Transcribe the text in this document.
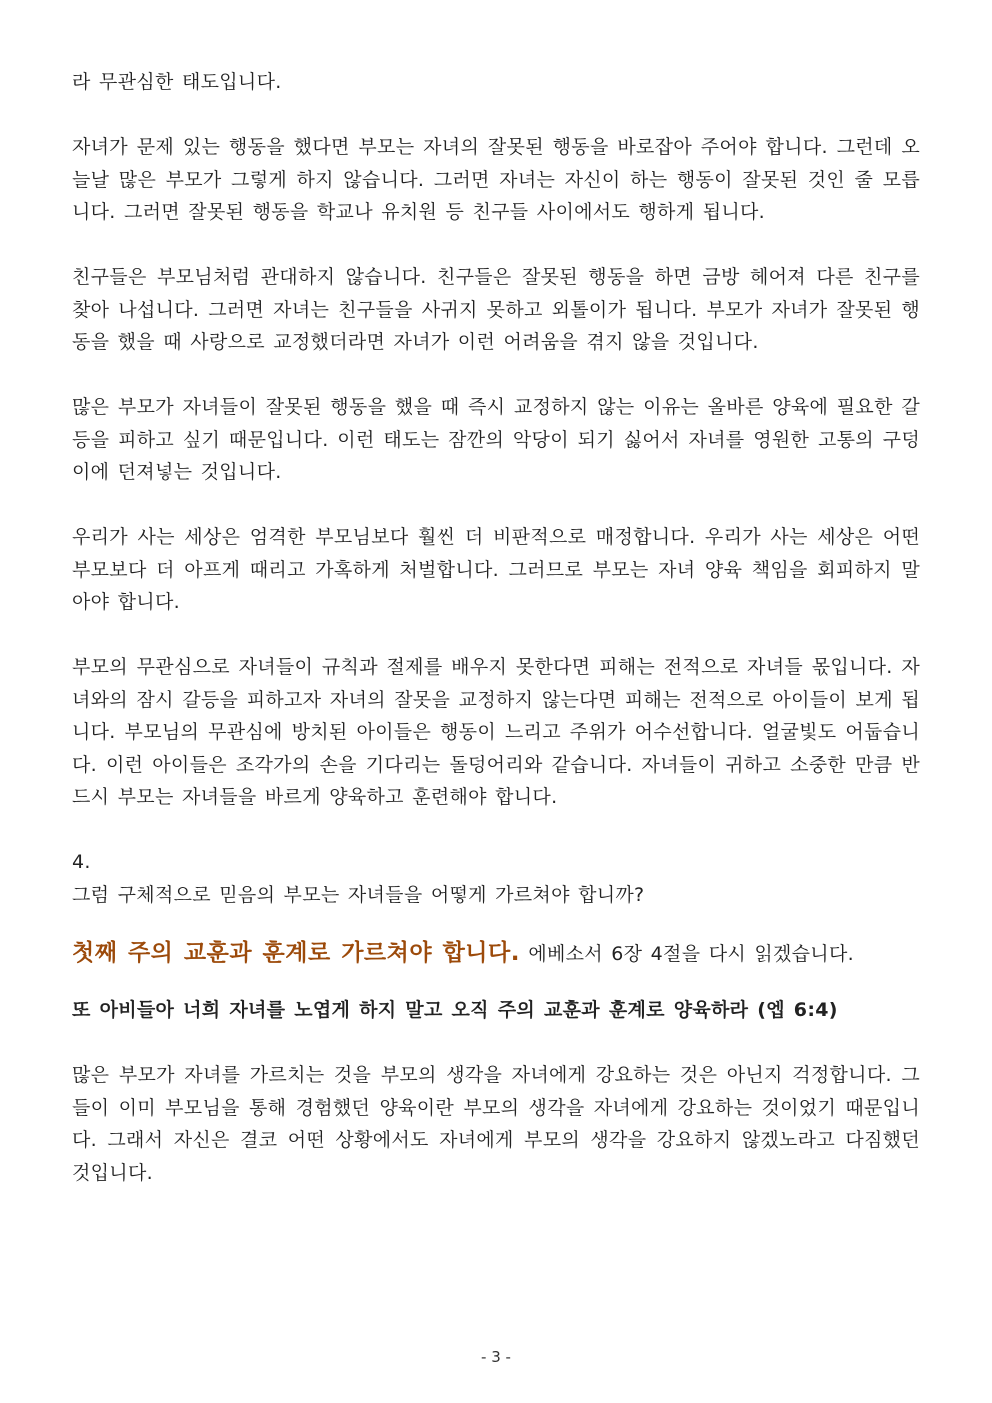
라 무관심한 태도입니다.

자녀가 문제 있는 행동을 했다면 부모는 자녀의 잘못된 행동을 바로잡아 주어야 합니다. 그런데 오늘날 많은 부모가 그렇게 하지 않습니다. 그러면 자녀는 자신이 하는 행동이 잘못된 것인 줄 모릅니다. 그러면 잘못된 행동을 학교나 유치원 등 친구들 사이에서도 행하게 됩니다.

친구들은 부모님처럼 관대하지 않습니다. 친구들은 잘못된 행동을 하면 금방 헤어져 다른 친구를 찾아 나섭니다. 그러면 자녀는 친구들을 사귀지 못하고 외톨이가 됩니다. 부모가 자녀가 잘못된 행동을 했을 때 사랑으로 교정했더라면 자녀가 이런 어려움을 겪지 않을 것입니다.

많은 부모가 자녀들이 잘못된 행동을 했을 때 즉시 교정하지 않는 이유는 올바른 양육에 필요한 갈등을 피하고 싶기 때문입니다. 이런 태도는 잠깐의 악당이 되기 싫어서 자녀를 영원한 고통의 구덩이에 던져넣는 것입니다.

우리가 사는 세상은 엄격한 부모님보다 훨씬 더 비판적으로 매정합니다. 우리가 사는 세상은 어떤 부모보다 더 아프게 때리고 가혹하게 처벌합니다. 그러므로 부모는 자녀 양육 책임을 회피하지 말아야 합니다.

부모의 무관심으로 자녀들이 규칙과 절제를 배우지 못한다면 피해는 전적으로 자녀들 몫입니다. 자녀와의 잠시 갈등을 피하고자 자녀의 잘못을 교정하지 않는다면 피해는 전적으로 아이들이 보게 됩니다. 부모님의 무관심에 방치된 아이들은 행동이 느리고 주위가 어수선합니다. 얼굴빛도 어둡습니다. 이런 아이들은 조각가의 손을 기다리는 돌덩어리와 같습니다. 자녀들이 귀하고 소중한 만큼 반드시 부모는 자녀들을 바르게 양육하고 훈련해야 합니다.

4.

그럼 구체적으로 믿음의 부모는 자녀들을 어떻게 가르쳐야 합니까?

첫째 주의 교훈과 훈계로 가르쳐야 합니다. 에베소서 6장 4절을 다시 읽겠습니다.

또 아비들아 너희 자녀를 노엽게 하지 말고 오직 주의 교훈과 훈계로 양육하라 (엡 6:4)

많은 부모가 자녀를 가르치는 것을 부모의 생각을 자녀에게 강요하는 것은 아닌지 걱정합니다. 그들이 이미 부모님을 통해 경험했던 양육이란 부모의 생각을 자녀에게 강요하는 것이었기 때문입니다. 그래서 자신은 결코 어떤 상황에서도 자녀에게 부모의 생각을 강요하지 않겠노라고 다짐했던 것입니다.

- 3 -
